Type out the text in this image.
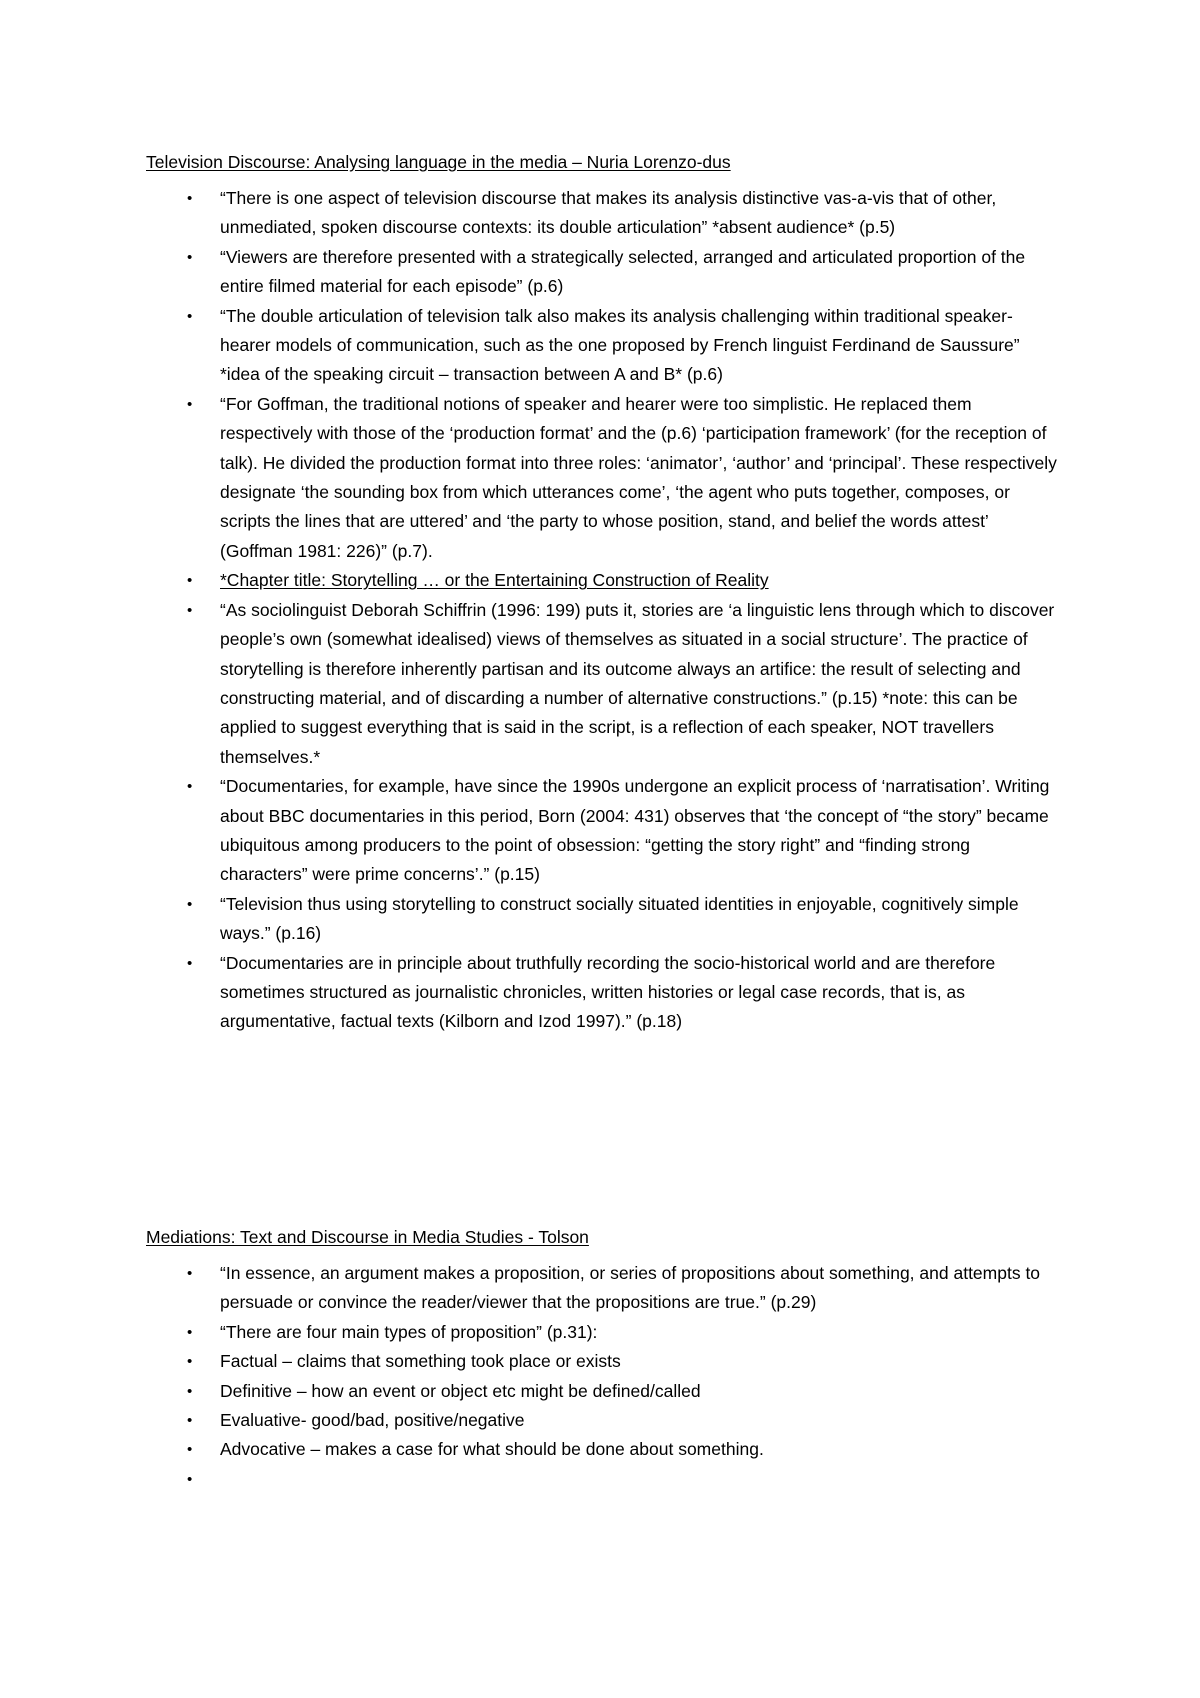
Television Discourse: Analysing language in the media – Nuria Lorenzo-dus

• “There is one aspect of television discourse that makes its analysis distinctive vas-a-vis that of other, unmediated, spoken discourse contexts: its double articulation” *absent audience* (p.5)
• “Viewers are therefore presented with a strategically selected, arranged and articulated proportion of the entire filmed material for each episode” (p.6)
• “The double articulation of television talk also makes its analysis challenging within traditional speaker-hearer models of communication, such as the one proposed by French linguist Ferdinand de Saussure” *idea of the speaking circuit – transaction between A and B* (p.6)
• “For Goffman, the traditional notions of speaker and hearer were too simplistic. He replaced them respectively with those of the ‘production format’ and the (p.6) ‘participation framework’ (for the reception of talk). He divided the production format into three roles: ‘animator’, ‘author’ and ‘principal’. These respectively designate ‘the sounding box from which utterances come’, ‘the agent who puts together, composes, or scripts the lines that are uttered’ and ‘the party to whose position, stand, and belief the words attest’ (Goffman 1981: 226)” (p.7).
• *Chapter title: Storytelling … or the Entertaining Construction of Reality
• “As sociolinguist Deborah Schiffrin (1996: 199) puts it, stories are ‘a linguistic lens through which to discover people’s own (somewhat idealised) views of themselves as situated in a social structure’. The practice of storytelling is therefore inherently partisan and its outcome always an artifice: the result of selecting and constructing material, and of discarding a number of alternative constructions.” (p.15) *note: this can be applied to suggest everything that is said in the script, is a reflection of each speaker, NOT travellers themselves.*
• “Documentaries, for example, have since the 1990s undergone an explicit process of ‘narratisation’. Writing about BBC documentaries in this period, Born (2004: 431) observes that ‘the concept of “the story” became ubiquitous among producers to the point of obsession: “getting the story right” and “finding strong characters” were prime concerns’.” (p.15)
• “Television thus using storytelling to construct socially situated identities in enjoyable, cognitively simple ways.” (p.16)
• “Documentaries are in principle about truthfully recording the socio-historical world and are therefore sometimes structured as journalistic chronicles, written histories or legal case records, that is, as argumentative, factual texts (Kilborn and Izod 1997).” (p.18)

Mediations: Text and Discourse in Media Studies - Tolson

• “In essence, an argument makes a proposition, or series of propositions about something, and attempts to persuade or convince the reader/viewer that the propositions are true.” (p.29)
• “There are four main types of proposition” (p.31):
• Factual – claims that something took place or exists
• Definitive – how an event or object etc might be defined/called
• Evaluative- good/bad, positive/negative
• Advocative – makes a case for what should be done about something.
•
